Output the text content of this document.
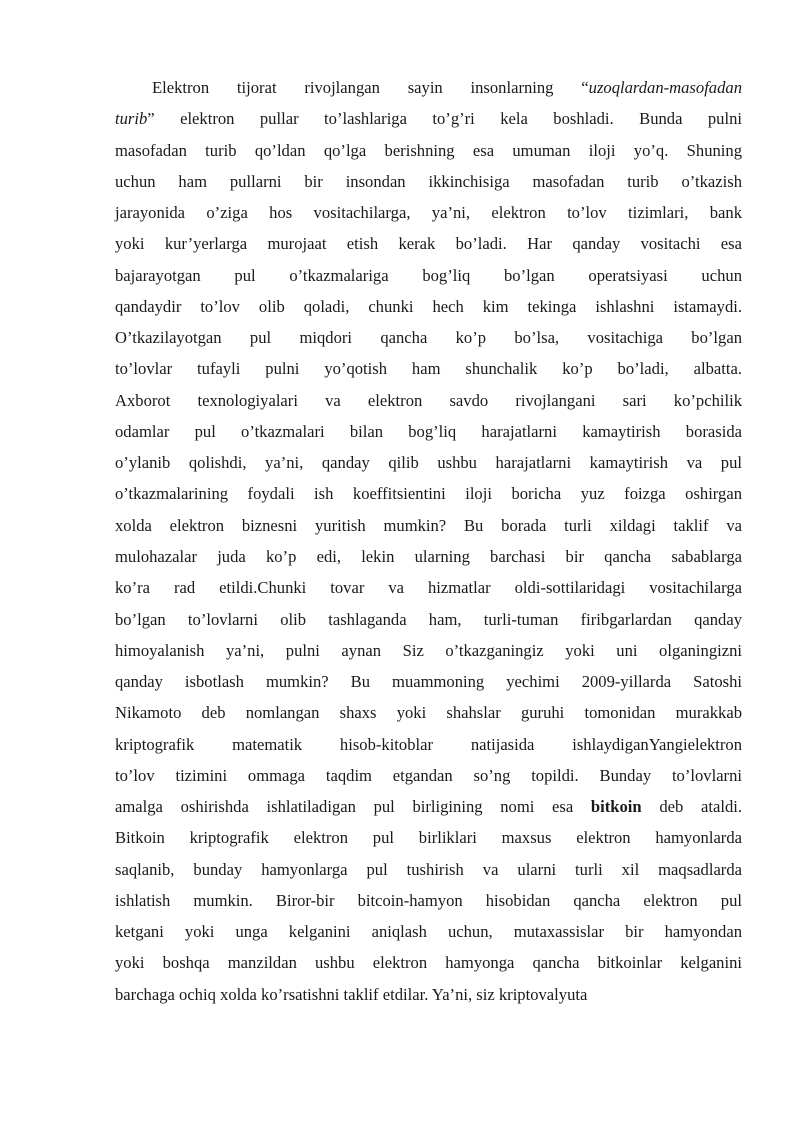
Elektron tijorat rivojlangan sayin insonlarning “uzoqlardan-masofadan
turib” elektron pullar to’lashlariga to’g’ri kela boshladi. Bunda pulni
masofadan turib qo’ldan qo’lga berishning esa umuman iloji yo’q. Shuning
uchun ham pullarni bir insondan ikkinchisiga masofadan turib o’tkazish
jarayonida o’ziga hos vositachilarga, ya’ni, elektron to’lov tizimlari, bank
yoki kur’yerlarga murojaat etish kerak bo’ladi. Har qanday vositachi esa
bajarayotgan pul o’tkazmalariga bog’liq bo’lgan operatsiyasi uchun
qandaydir to’lov olib qoladi, chunki hech kim tekinga ishlashni istamaydi.
O’tkazilayotgan pul miqdori qancha ko’p bo’lsa, vositachiga bo’lgan
to’lovlar tufayli pulni yo’qotish ham shunchalik ko’p bo’ladi, albatta.
Axborot texnologiyalari va elektron savdo rivojlangani sari ko’pchilik
odamlar pul o’tkazmalari bilan bog’liq harajatlarni kamaytirish borasida
o’ylanib qolishdi, ya’ni, qanday qilib ushbu harajatlarni kamaytirish va pul
o’tkazmalarining foydali ish koeffitsientini iloji boricha yuz foizga oshirgan
xolda elektron biznesni yuritish mumkin? Bu borada turli xildagi taklif va
mulohazalar juda ko’p edi, lekin ularning barchasi bir qancha sabablarga
ko’ra rad etildi.Chunki tovar va hizmatlar oldi-sottilaridagi vositachilarga
bo’lgan to’lovlarni olib tashlaganda ham, turli-tuman firibgarlardan qanday
himoyalanish ya’ni, pulni aynan Siz o’tkazganingiz yoki uni olganingizni
qanday isbotlash mumkin? Bu muammoning yechimi 2009-yillarda Satoshi
Nikamoto deb nomlangan shaxs yoki shahslar guruhi tomonidan murakkab
kriptografik matematik hisob-kitoblar natijasida ishlaydiganYangielektron
to’lov tizimini ommaga taqdim etgandan so’ng topildi. Bunday to’lovlarni
amalga oshirishda ishlatiladigan pul birligining nomi esa bitkoin deb ataldi.
Bitkoin kriptografik elektron pul birliklari maxsus elektron hamyonlarda
saqlanib, bunday hamyonlarga pul tushirish va ularni turli xil maqsadlarda
ishlatish mumkin. Biror-bir bitcoin-hamyon hisobidan qancha elektron pul
ketgani yoki unga kelganini aniqlash uchun, mutaxassislar bir hamyondan
yoki boshqa manzildan ushbu elektron hamyonga qancha bitkoinlar kelganini
barchaga ochiq xolda ko’rsatishni taklif etdilar. Ya’ni, siz kriptovalyuta
